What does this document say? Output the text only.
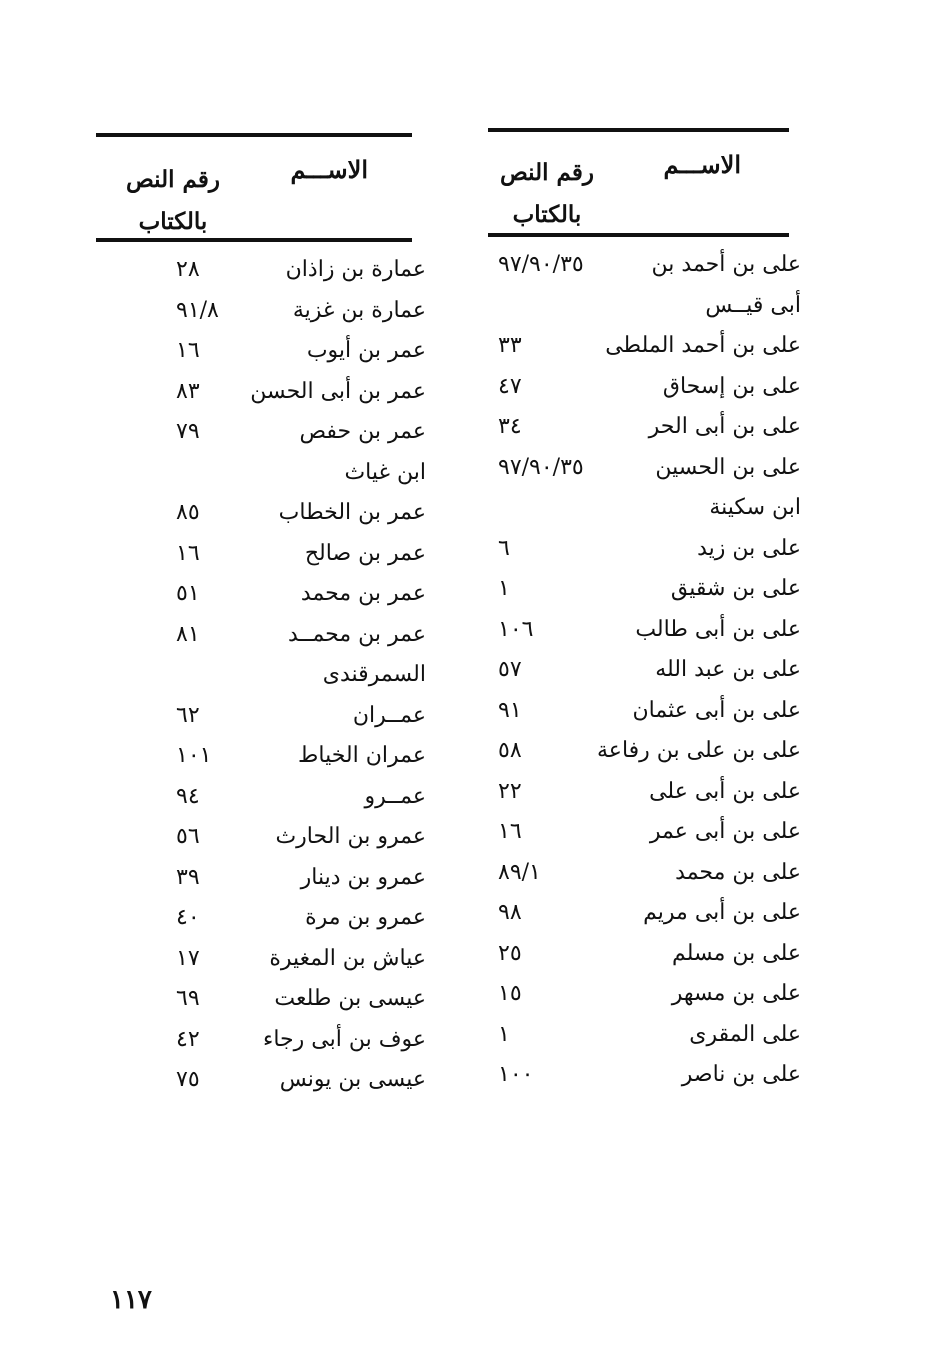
الاســـم
رقم النص
بالكتاب
على بن أحمد بن
٩٧/٩٠/٣٥
أبى قيــس
على بن أحمد الملطى
٣٣
على بن إسحاق
٤٧
على بن أبى الحر
٣٤
على بن الحسين
٩٧/٩٠/٣٥
ابن سكينة
على بن زيد
٦
على بن شقيق
١
على بن أبى طالب
١٠٦
على بن عبد الله
٥٧
على بن أبى عثمان
٩١
على بن على بن رفاعة
٥٨
على بن أبى على
٢٢
على بن أبى عمر
١٦
على بن محمد
٨٩/١
على بن أبى مريم
٩٨
على بن مسلم
٢٥
على بن مسهر
١٥
على المقرى
١
على بن ناصر
١٠٠
الاســـم
رقم النص
بالكتاب
عمارة بن زاذان
٢٨
عمارة بن غزية
٩١/٨
عمر بن أيوب
١٦
عمر بن أبى الحسن
٨٣
عمر بن حفص
٧٩
ابن غياث
عمر بن الخطاب
٨٥
عمر بن صالح
١٦
عمر بن محمد
٥١
عمر بن محمــد
٨١
السمرقندى
عمــران
٦٢
عمران الخياط
١٠١
عمــرو
٩٤
عمرو بن الحارث
٥٦
عمرو بن دينار
٣٩
عمرو بن مرة
٤٠
عياش بن المغيرة
١٧
عيسى بن طلعت
٦٩
عوف بن أبى رجاء
٤٢
عيسى بن يونس
٧٥
١١٧
